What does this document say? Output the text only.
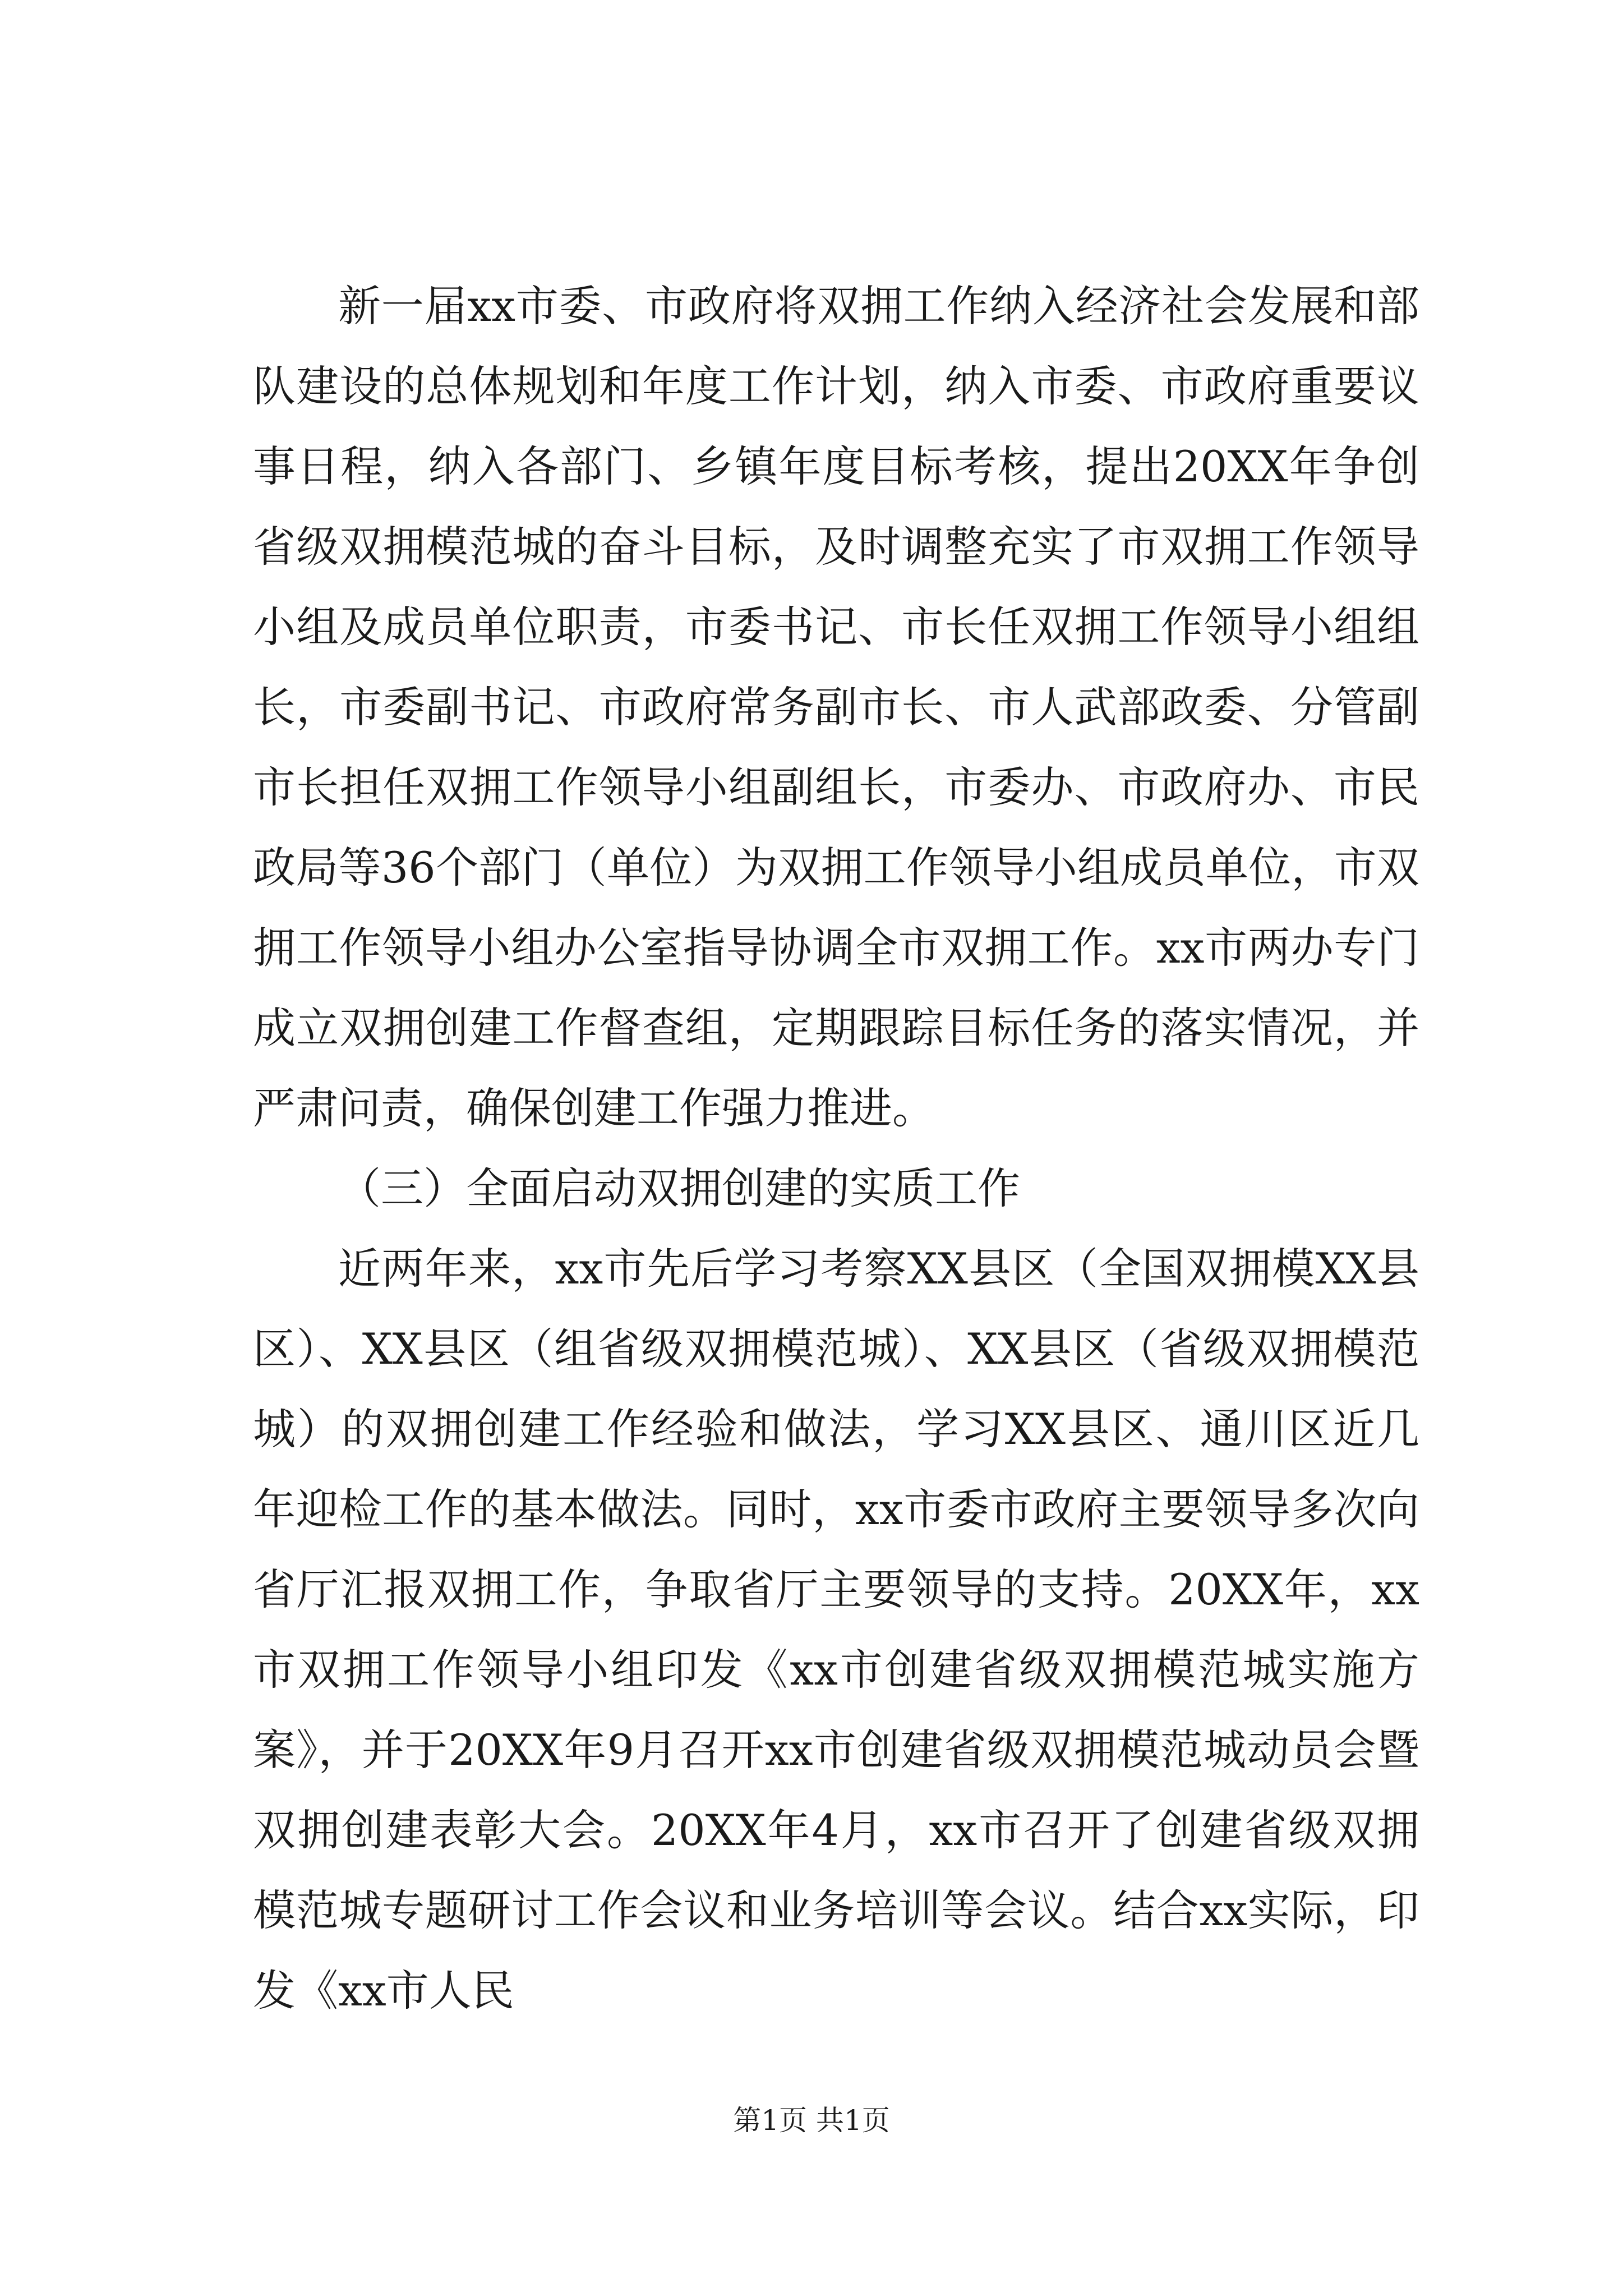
新一届xx市委、市政府将双拥工作纳入经济社会发展和部队建设的总体规划和年度工作计划，纳入市委、市政府重要议事日程，纳入各部门、乡镇年度目标考核，提出20XX年争创省级双拥模范城的奋斗目标，及时调整充实了市双拥工作领导小组及成员单位职责，市委书记、市长任双拥工作领导小组组长，市委副书记、市政府常务副市长、市人武部政委、分管副市长担任双拥工作领导小组副组长，市委办、市政府办、市民政局等36个部门（单位）为双拥工作领导小组成员单位，市双拥工作领导小组办公室指导协调全市双拥工作。xx市两办专门成立双拥创建工作督查组，定期跟踪目标任务的落实情况，并严肃问责，确保创建工作强力推进。

（三）全面启动双拥创建的实质工作

近两年来，xx市先后学习考察XX县区（全国双拥模XX县区）、XX县区（组省级双拥模范城）、XX县区（省级双拥模范城）的双拥创建工作经验和做法，学习XX县区、通川区近几年迎检工作的基本做法。同时，xx市委市政府主要领导多次向省厅汇报双拥工作，争取省厅主要领导的支持。20XX年，xx市双拥工作领导小组印发《xx市创建省级双拥模范城实施方案》，并于20XX年9月召开xx市创建省级双拥模范城动员会暨双拥创建表彰大会。20XX年4月，xx市召开了创建省级双拥模范城专题研讨工作会议和业务培训等会议。结合xx实际，印发《xx市人民

第1页 共1页
